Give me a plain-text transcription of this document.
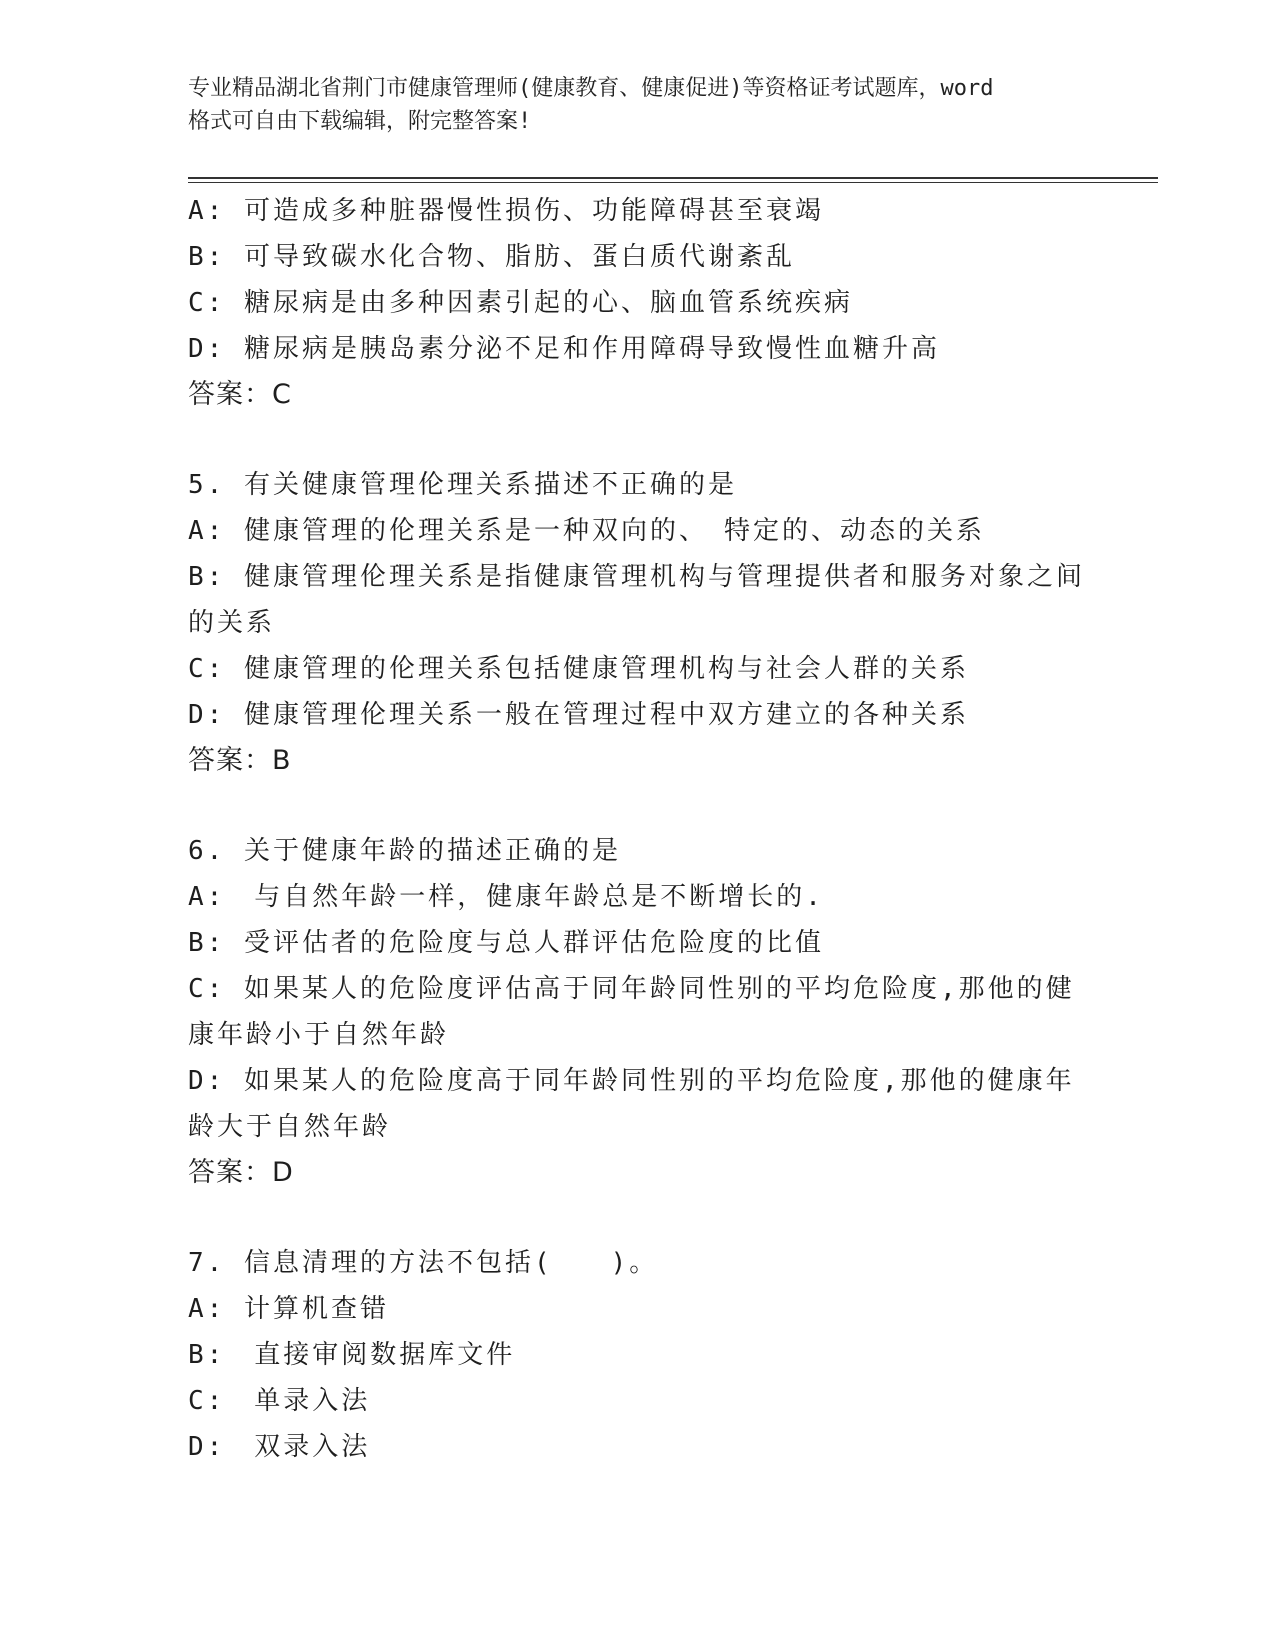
专业精品湖北省荆门市健康管理师(健康教育、健康促进)等资格证考试题库，word
格式可自由下载编辑，附完整答案!
A: 可造成多种脏器慢性损伤、功能障碍甚至衰竭
B: 可导致碳水化合物、脂肪、蛋白质代谢紊乱
C: 糖尿病是由多种因素引起的心、脑血管系统疾病
D: 糖尿病是胰岛素分泌不足和作用障碍导致慢性血糖升高
答案：C
5. 有关健康管理伦理关系描述不正确的是
A: 健康管理的伦理关系是一种双向的、　特定的、动态的关系
B: 健康管理伦理关系是指健康管理机构与管理提供者和服务对象之间
的关系
C: 健康管理的伦理关系包括健康管理机构与社会人群的关系
D: 健康管理伦理关系一般在管理过程中双方建立的各种关系
答案：B
6. 关于健康年龄的描述正确的是
A:　与自然年龄一样，健康年龄总是不断增长的.
B: 受评估者的危险度与总人群评估危险度的比值
C: 如果某人的危险度评估高于同年龄同性别的平均危险度,那他的健
康年龄小于自然年龄
D: 如果某人的危险度高于同年龄同性别的平均危险度,那他的健康年
龄大于自然年龄
答案：D
7. 信息清理的方法不包括(　　)。
A: 计算机查错
B:　直接审阅数据库文件
C:　单录入法
D:　双录入法
